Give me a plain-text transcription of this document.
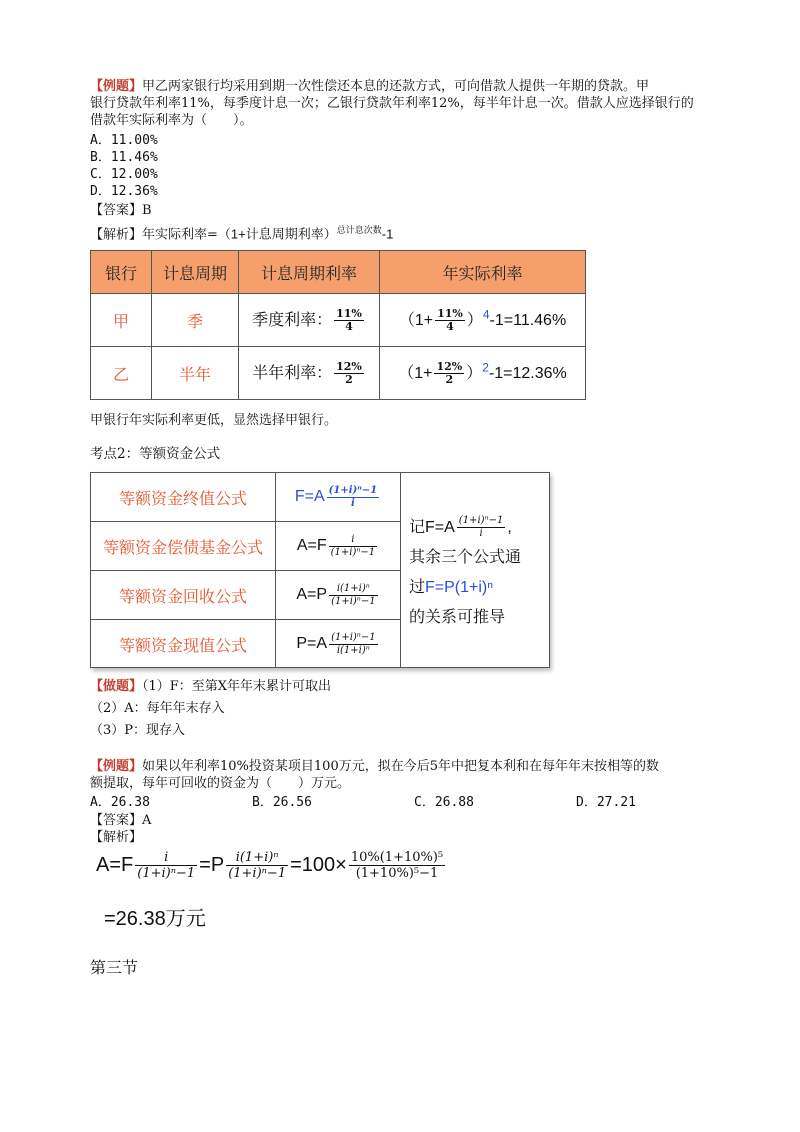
【例题】甲乙两家银行均采用到期一次性偿还本息的还款方式，可向借款人提供一年期的贷款。甲
银行贷款年利率11%，每季度计息一次；乙银行贷款年利率12%，每半年计息一次。借款人应选择银行的
借款年实际利率为（　　）。
A．11.00%
B．11.46%
C．12.00%
D．12.36%
【答案】B
【解析】年实际利率=（1+计息周期利率）$^{总计息次数}$-1
银行	计息周期	计息周期利率	年实际利率
甲	季	季度利率： $\frac{11\%}{4}$	$(1+ \frac{11\%}{4} )^4-1=11.46\%$
乙	半年	半年利率： $\frac{12\%}{2}$	$(1+ \frac{12\%}{2} )^2-1=12.36\%$
甲银行年实际利率更低，显然选择甲银行。
考点2：等额资金公式
等额资金终值公式	$F=A \frac{\text{(1+i)ⁿ−1}}{i}$
等额资金偿债基金公式	$A=F \frac{i}{\text{(1+i)ⁿ−1}}$
等额资金回收公式	$A=P \frac{\text{i(1+i)ⁿ}}{\text{(1+i)ⁿ−1}}$
等额资金现值公式	$P=A \frac{\text{(1+i)ⁿ−1}}{\text{i(1+i)ⁿ}}$
记$F=A \frac{\text{(1+i)ⁿ−1}}{i}$ ,
其余三个公式通
过F=P(1+i)ⁿ
的关系可推导
【做题】（1）F：至第X年年末累计可取出
（2）A：每年年末存入
（3）P：现存入
【例题】如果以年利率10%投资某项目100万元，拟在今后5年中把复本利和在每年年末按相等的数
额提取，每年可回收的资金为（　　）万元。
A．26.38	B．26.56	C．26.88	D．27.21
【答案】A
【解析】
$A=F \frac{i}{\text{(1+i)ⁿ−1}} =P \frac{\text{i(1+i)ⁿ}}{\text{(1+i)ⁿ−1}} =100\times \frac{\text{10\%(1+10\%)⁵}}{\text{(1+10\%)⁵−1}}$
=26.38万元
第三节
